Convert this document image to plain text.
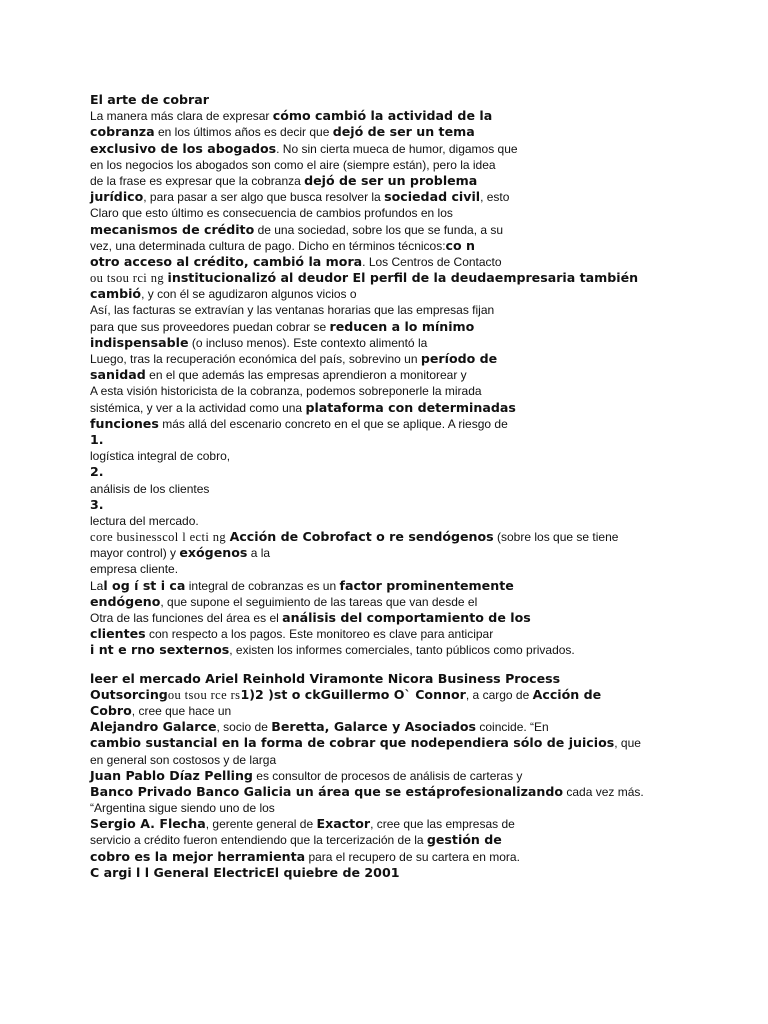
El arte de cobrar
La manera más clara de expresar cómo cambió la actividad de la
cobranza en los últimos años es decir que dejó de ser un tema
exclusivo de los abogados. No sin cierta mueca de humor, digamos que
en los negocios los abogados son como el aire (siempre están), pero la idea
de la frase es expresar que la cobranza dejó de ser un problema
jurídico, para pasar a ser algo que busca resolver la sociedad civil, esto
Claro que esto último es consecuencia de cambios profundos en los
mecanismos de crédito de una sociedad, sobre los que se funda, a su
vez, una determinada cultura de pago. Dicho en términos técnicos:co n
otro acceso al crédito, cambió la mora. Los Centros de Contacto
ou tsou rci ng institucionalizó al deudor El perfil de la deudaempresaria también
cambió, y con él se agudizaron algunos vicios o
Así, las facturas se extravían y las ventanas horarias que las empresas fijan
para que sus proveedores puedan cobrar se reducen a lo mínimo
indispensable (o incluso menos). Este contexto alimentó la
Luego, tras la recuperación económica del país, sobrevino un período de
sanidad en el que además las empresas aprendieron a monitorear y
A esta visión historicista de la cobranza, podemos sobreponerle la mirada
sistémica, y ver a la actividad como una plataforma con determinadas
funciones más allá del escenario concreto en el que se aplique. A riesgo de
1.
logística integral de cobro,
2.
análisis de los clientes
3.
lectura del mercado.
core businesscol l ecti ng Acción de Cobrofact o re sendógenos (sobre los que se tiene
mayor control) y exógenos a la
empresa cliente.
Lal og í st i ca integral de cobranzas es un factor prominentemente
endógeno, que supone el seguimiento de las tareas que van desde el
Otra de las funciones del área es el análisis del comportamiento de los
clientes con respecto a los pagos. Este monitoreo es clave para anticipar
i nt e rno sexternos, existen los informes comerciales, tanto públicos como privados.
leer el mercado Ariel Reinhold Viramonte Nicora Business Process
Outsorcingou tsou rce rs1)2 )st o ckGuillermo O` Connor, a cargo de Acción de
Cobro, cree que hace un
Alejandro Galarce, socio de Beretta, Galarce y Asociados coincide. “En
cambio sustancial en la forma de cobrar que nodependiera sólo de juicios, que
en general son costosos y de larga
Juan Pablo Díaz Pelling es consultor de procesos de análisis de carteras y
Banco Privado Banco Galicia un área que se estáprofesionalizando cada vez más.
“Argentina sigue siendo uno de los
Sergio A. Flecha, gerente general de Exactor, cree que las empresas de
servicio a crédito fueron entendiendo que la tercerización de la gestión de
cobro es la mejor herramienta para el recupero de su cartera en mora.
C argi l l General ElectricEl quiebre de 2001
